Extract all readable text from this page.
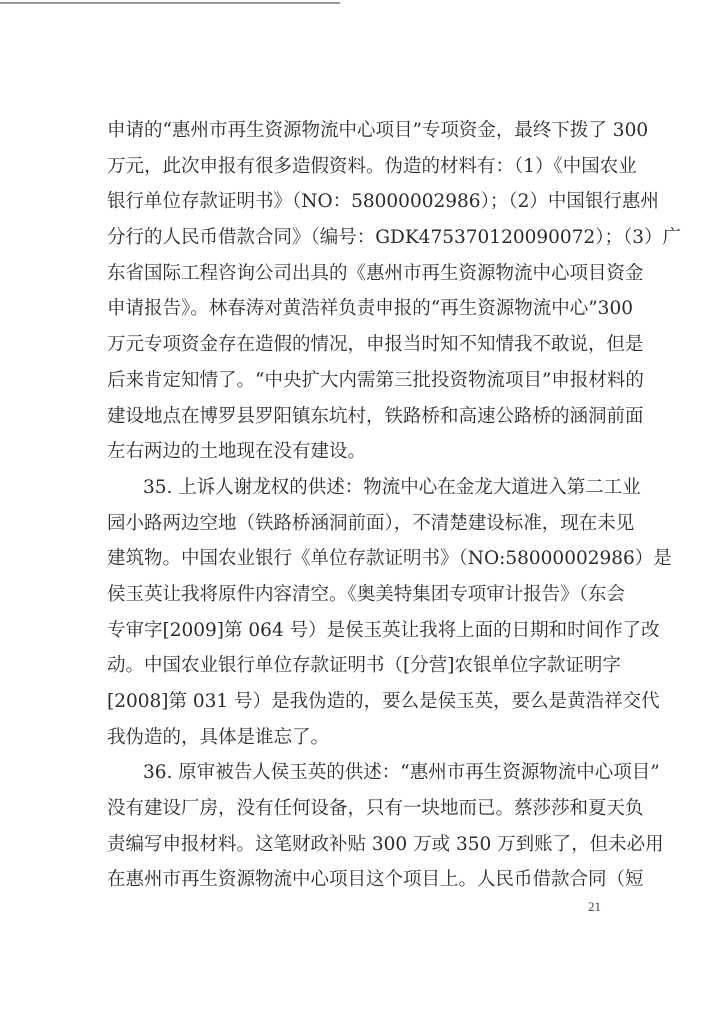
申请的“惠州市再生资源物流中心项目”专项资金，最终下拨了 300
万元，此次申报有很多造假资料。伪造的材料有：（1）《中国农业
银行单位存款证明书》（NO：58000002986）；（2）中国银行惠州
分行的人民币借款合同》（编号：GDK475370120090072）；（3）广
东省国际工程咨询公司出具的《惠州市再生资源物流中心项目资金
申请报告》。林春涛对黄浩祥负责申报的“再生资源物流中心”300
万元专项资金存在造假的情况，申报当时知不知情我不敢说，但是
后来肯定知情了。“中央扩大内需第三批投资物流项目”申报材料的
建设地点在博罗县罗阳镇东坑村，铁路桥和高速公路桥的涵洞前面
左右两边的土地现在没有建设。
35. 上诉人谢龙权的供述：物流中心在金龙大道进入第二工业
园小路两边空地（铁路桥涵洞前面），不清楚建设标准，现在未见
建筑物。中国农业银行《单位存款证明书》（NO:58000002986）是
侯玉英让我将原件内容清空。《奥美特集团专项审计报告》（东会
专审字[2009]第 064 号）是侯玉英让我将上面的日期和时间作了改
动。中国农业银行单位存款证明书（[分营]农银单位字款证明字
[2008]第 031 号）是我伪造的，要么是侯玉英，要么是黄浩祥交代
我伪造的，具体是谁忘了。
36. 原审被告人侯玉英的供述：“惠州市再生资源物流中心项目”
没有建设厂房，没有任何设备，只有一块地而已。蔡莎莎和夏天负
责编写申报材料。这笔财政补贴 300 万或 350 万到账了，但未必用
在惠州市再生资源物流中心项目这个项目上。人民币借款合同（短
21
